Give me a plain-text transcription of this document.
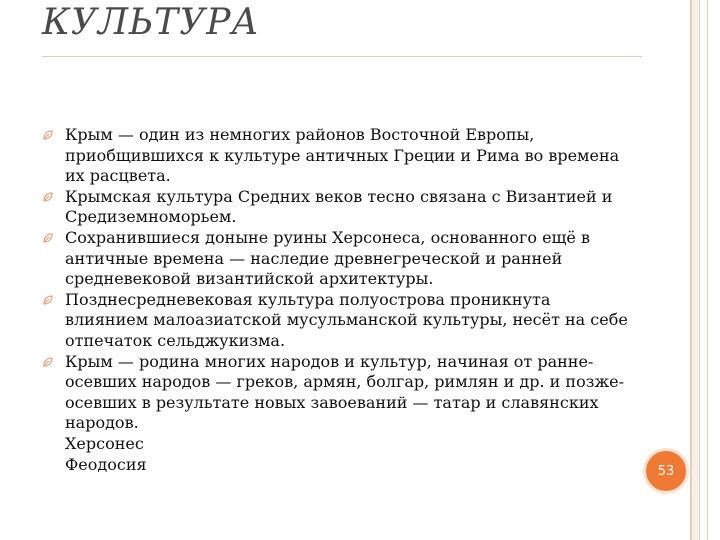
КУЛЬТУРА
Крым — один из немногих районов Восточной Европы, приобщившихся к культуре античных Греции и Рима во времена их расцвета.
Крымская культура Средних веков тесно связана с Византией и Средиземноморьем.
Сохранившиеся доныне руины Херсонеса, основанного ещё в античные времена — наследие древнегреческой и ранней средневековой византийской архитектуры.
Позднесредневековая культура полуострова проникнута влиянием малоазиатской мусульманской культуры, несёт на себе отпечаток сельджукизма.
Крым — родина многих народов и культур, начиная от ранне-осевших народов — греков, армян, болгар, римлян и др. и позже-осевших в результате новых завоеваний — татар и славянских народов.
Херсонес
Феодосия	53
